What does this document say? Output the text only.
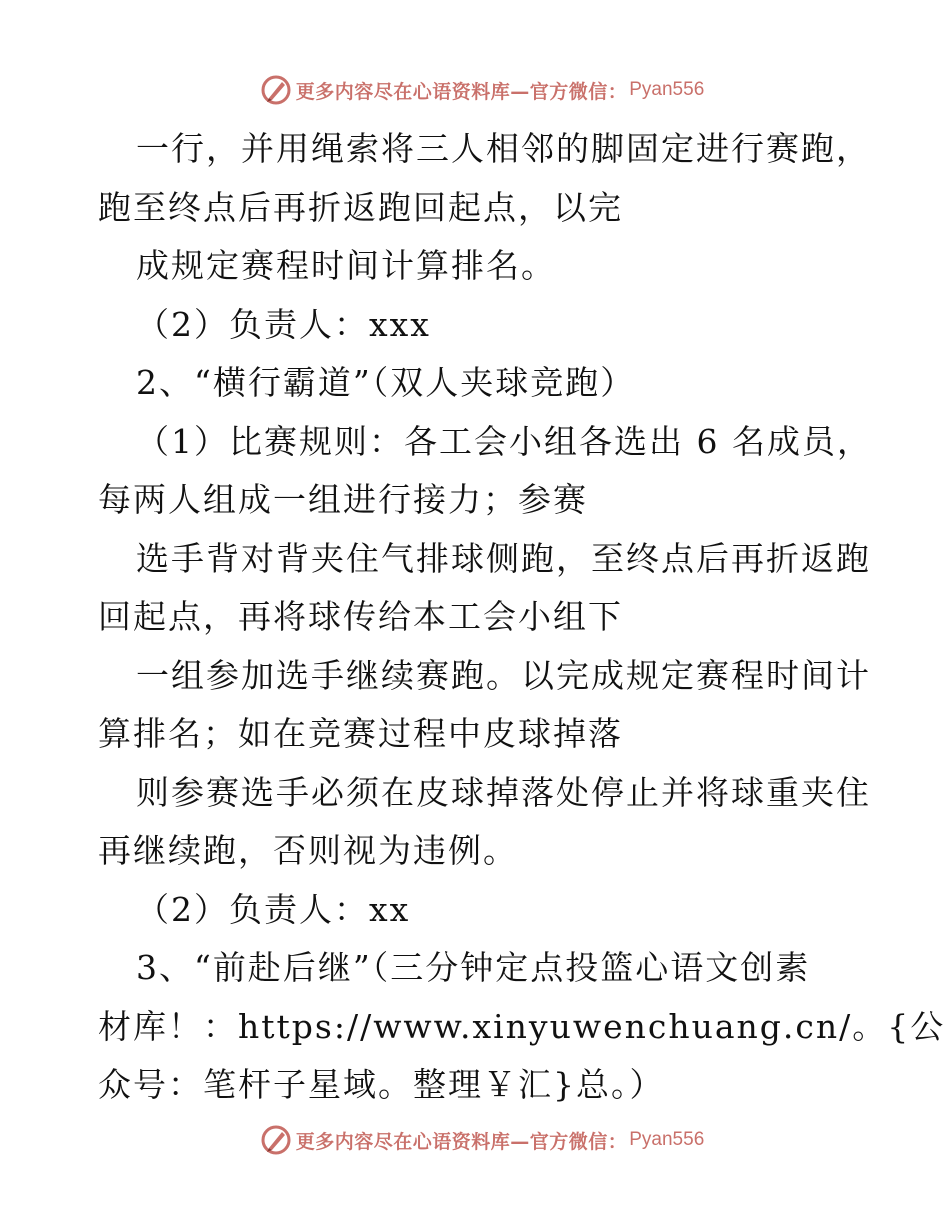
更多内容尽在心语资料库—官方微信： Pyan556
一行，并用绳索将三人相邻的脚固定进行赛跑，
跑至终点后再折返跑回起点，以完
成规定赛程时间计算排名。
（2）负责人：xxx
2、“横行霸道”（双人夹球竞跑）
（1）比赛规则：各工会小组各选出 6 名成员，
每两人组成一组进行接力；参赛
选手背对背夹住气排球侧跑，至终点后再折返跑
回起点，再将球传给本工会小组下
一组参加选手继续赛跑。以完成规定赛程时间计
算排名；如在竞赛过程中皮球掉落
则参赛选手必须在皮球掉落处停止并将球重夹住
再继续跑，否则视为违例。
（2）负责人：xx
3、“前赴后继”（三分钟定点投篮心语文创素
材库！：https://www.xinyuwenchuang.cn/。{公
众号：笔杆子星域。整理￥汇}总。）
更多内容尽在心语资料库—官方微信： Pyan556
